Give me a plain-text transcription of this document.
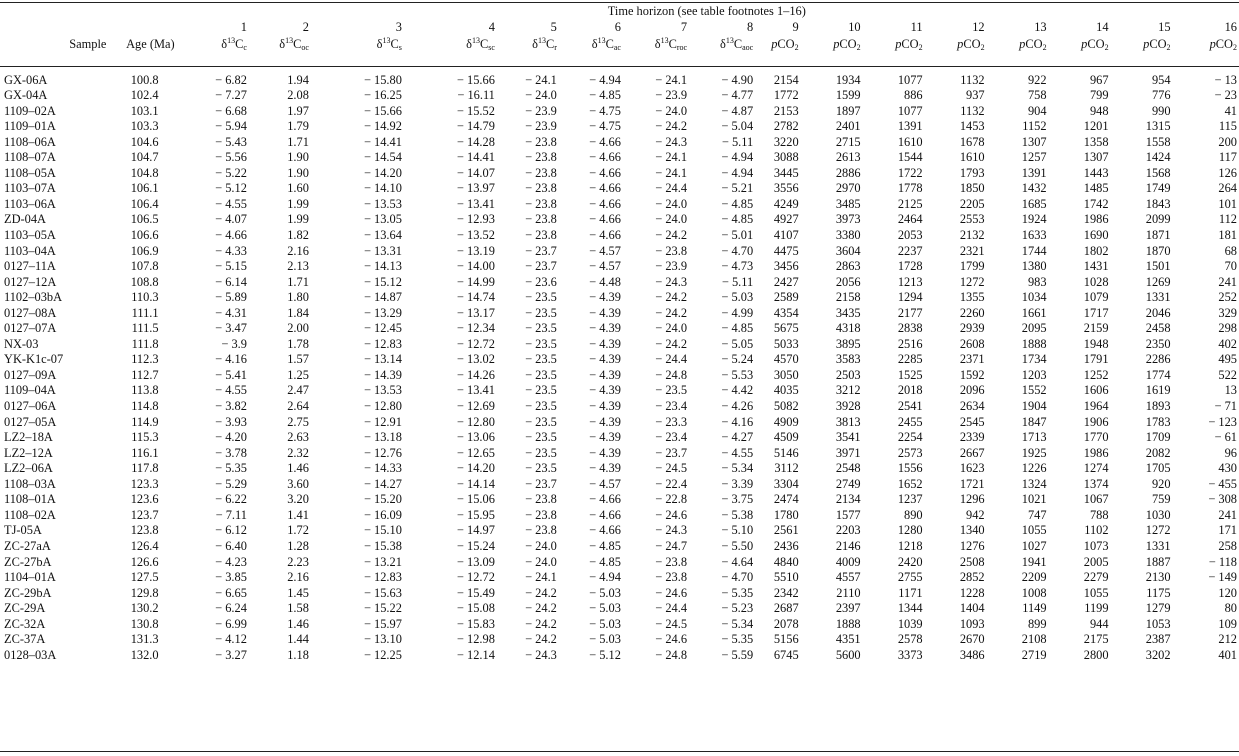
		Time horizon (see table footnotes 1–16)															
		1	2	3	4	5	6	7	8	9	10	11	12	13	14	15	16
Sample	Age (Ma)	$\delta^{13}C_c$	$\delta^{13}C_{oc}$	$\delta^{13}C_s$	$\delta^{13}C_{sc}$	$\delta^{13}C_r$	$\delta^{13}C_{ac}$	$\delta^{13}C_{roc}$	$\delta^{13}C_{aoc}$	pCO$_2$	pCO$_2$	pCO$_2$	pCO$_2$	pCO$_2$	pCO$_2$	pCO$_2$	pCO$_2$

GX-06A	100.8	− 6.82	1.94	− 15.80	− 15.66	− 24.1	− 4.94	− 24.1	− 4.90	2154	1934	1077	1132	922	967	954	− 13
GX-04A	102.4	− 7.27	2.08	− 16.25	− 16.11	− 24.0	− 4.85	− 23.9	− 4.77	1772	1599	886	937	758	799	776	− 23
1109–02A	103.1	− 6.68	1.97	− 15.66	− 15.52	− 23.9	− 4.75	− 24.0	− 4.87	2153	1897	1077	1132	904	948	990	41
1109–01A	103.3	− 5.94	1.79	− 14.92	− 14.79	− 23.9	− 4.75	− 24.2	− 5.04	2782	2401	1391	1453	1152	1201	1315	115
1108–06A	104.6	− 5.43	1.71	− 14.41	− 14.28	− 23.8	− 4.66	− 24.3	− 5.11	3220	2715	1610	1678	1307	1358	1558	200
1108–07A	104.7	− 5.56	1.90	− 14.54	− 14.41	− 23.8	− 4.66	− 24.1	− 4.94	3088	2613	1544	1610	1257	1307	1424	117
1108–05A	104.8	− 5.22	1.90	− 14.20	− 14.07	− 23.8	− 4.66	− 24.1	− 4.94	3445	2886	1722	1793	1391	1443	1568	126
1103–07A	106.1	− 5.12	1.60	− 14.10	− 13.97	− 23.8	− 4.66	− 24.4	− 5.21	3556	2970	1778	1850	1432	1485	1749	264
1103–06A	106.4	− 4.55	1.99	− 13.53	− 13.41	− 23.8	− 4.66	− 24.0	− 4.85	4249	3485	2125	2205	1685	1742	1843	101
ZD-04A	106.5	− 4.07	1.99	− 13.05	− 12.93	− 23.8	− 4.66	− 24.0	− 4.85	4927	3973	2464	2553	1924	1986	2099	112
1103–05A	106.6	− 4.66	1.82	− 13.64	− 13.52	− 23.8	− 4.66	− 24.2	− 5.01	4107	3380	2053	2132	1633	1690	1871	181
1103–04A	106.9	− 4.33	2.16	− 13.31	− 13.19	− 23.7	− 4.57	− 23.8	− 4.70	4475	3604	2237	2321	1744	1802	1870	68
0127–11A	107.8	− 5.15	2.13	− 14.13	− 14.00	− 23.7	− 4.57	− 23.9	− 4.73	3456	2863	1728	1799	1380	1431	1501	70
0127–12A	108.8	− 6.14	1.71	− 15.12	− 14.99	− 23.6	− 4.48	− 24.3	− 5.11	2427	2056	1213	1272	983	1028	1269	241
1102–03bA	110.3	− 5.89	1.80	− 14.87	− 14.74	− 23.5	− 4.39	− 24.2	− 5.03	2589	2158	1294	1355	1034	1079	1331	252
0127–08A	111.1	− 4.31	1.84	− 13.29	− 13.17	− 23.5	− 4.39	− 24.2	− 4.99	4354	3435	2177	2260	1661	1717	2046	329
0127–07A	111.5	− 3.47	2.00	− 12.45	− 12.34	− 23.5	− 4.39	− 24.0	− 4.85	5675	4318	2838	2939	2095	2159	2458	298
NX-03	111.8	− 3.9	1.78	− 12.83	− 12.72	− 23.5	− 4.39	− 24.2	− 5.05	5033	3895	2516	2608	1888	1948	2350	402
YK-K1c-07	112.3	− 4.16	1.57	− 13.14	− 13.02	− 23.5	− 4.39	− 24.4	− 5.24	4570	3583	2285	2371	1734	1791	2286	495
0127–09A	112.7	− 5.41	1.25	− 14.39	− 14.26	− 23.5	− 4.39	− 24.8	− 5.53	3050	2503	1525	1592	1203	1252	1774	522
1109–04A	113.8	− 4.55	2.47	− 13.53	− 13.41	− 23.5	− 4.39	− 23.5	− 4.42	4035	3212	2018	2096	1552	1606	1619	13
0127–06A	114.8	− 3.82	2.64	− 12.80	− 12.69	− 23.5	− 4.39	− 23.4	− 4.26	5082	3928	2541	2634	1904	1964	1893	− 71
0127–05A	114.9	− 3.93	2.75	− 12.91	− 12.80	− 23.5	− 4.39	− 23.3	− 4.16	4909	3813	2455	2545	1847	1906	1783	− 123
LZ2–18A	115.3	− 4.20	2.63	− 13.18	− 13.06	− 23.5	− 4.39	− 23.4	− 4.27	4509	3541	2254	2339	1713	1770	1709	− 61
LZ2–12A	116.1	− 3.78	2.32	− 12.76	− 12.65	− 23.5	− 4.39	− 23.7	− 4.55	5146	3971	2573	2667	1925	1986	2082	96
LZ2–06A	117.8	− 5.35	1.46	− 14.33	− 14.20	− 23.5	− 4.39	− 24.5	− 5.34	3112	2548	1556	1623	1226	1274	1705	430
1108–03A	123.3	− 5.29	3.60	− 14.27	− 14.14	− 23.7	− 4.57	− 22.4	− 3.39	3304	2749	1652	1721	1324	1374	920	− 455
1108–01A	123.6	− 6.22	3.20	− 15.20	− 15.06	− 23.8	− 4.66	− 22.8	− 3.75	2474	2134	1237	1296	1021	1067	759	− 308
1108–02A	123.7	− 7.11	1.41	− 16.09	− 15.95	− 23.8	− 4.66	− 24.6	− 5.38	1780	1577	890	942	747	788	1030	241
TJ-05A	123.8	− 6.12	1.72	− 15.10	− 14.97	− 23.8	− 4.66	− 24.3	− 5.10	2561	2203	1280	1340	1055	1102	1272	171
ZC-27aA	126.4	− 6.40	1.28	− 15.38	− 15.24	− 24.0	− 4.85	− 24.7	− 5.50	2436	2146	1218	1276	1027	1073	1331	258
ZC-27bA	126.6	− 4.23	2.23	− 13.21	− 13.09	− 24.0	− 4.85	− 23.8	− 4.64	4840	4009	2420	2508	1941	2005	1887	− 118
1104–01A	127.5	− 3.85	2.16	− 12.83	− 12.72	− 24.1	− 4.94	− 23.8	− 4.70	5510	4557	2755	2852	2209	2279	2130	− 149
ZC-29bA	129.8	− 6.65	1.45	− 15.63	− 15.49	− 24.2	− 5.03	− 24.6	− 5.35	2342	2110	1171	1228	1008	1055	1175	120
ZC-29A	130.2	− 6.24	1.58	− 15.22	− 15.08	− 24.2	− 5.03	− 24.4	− 5.23	2687	2397	1344	1404	1149	1199	1279	80
ZC-32A	130.8	− 6.99	1.46	− 15.97	− 15.83	− 24.2	− 5.03	− 24.5	− 5.34	2078	1888	1039	1093	899	944	1053	109
ZC-37A	131.3	− 4.12	1.44	− 13.10	− 12.98	− 24.2	− 5.03	− 24.6	− 5.35	5156	4351	2578	2670	2108	2175	2387	212
0128–03A	132.0	− 3.27	1.18	− 12.25	− 12.14	− 24.3	− 5.12	− 24.8	− 5.59	6745	5600	3373	3486	2719	2800	3202	401
